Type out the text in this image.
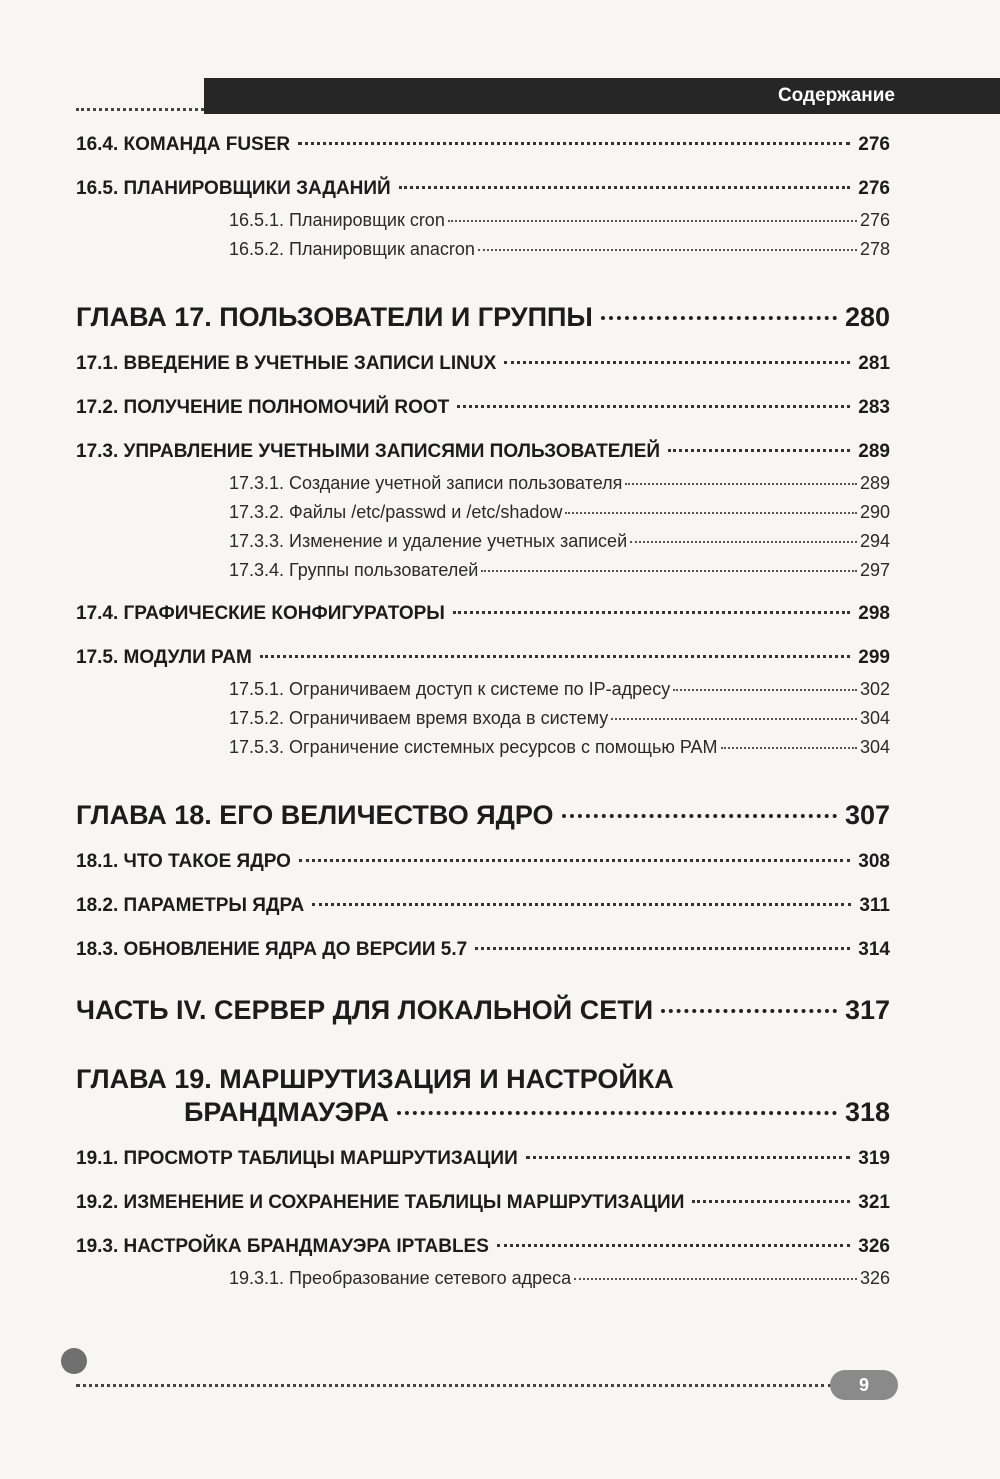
Содержание
16.4. КОМАНДА FUSER	276
16.5. ПЛАНИРОВЩИКИ ЗАДАНИЙ	276
16.5.1. Планировщик cron	276
16.5.2. Планировщик anacron	278
ГЛАВА 17. ПОЛЬЗОВАТЕЛИ И ГРУППЫ	280
17.1. ВВЕДЕНИЕ В УЧЕТНЫЕ ЗАПИСИ LINUX	281
17.2. ПОЛУЧЕНИЕ ПОЛНОМОЧИЙ ROOT	283
17.3. УПРАВЛЕНИЕ УЧЕТНЫМИ ЗАПИСЯМИ ПОЛЬЗОВАТЕЛЕЙ	289
17.3.1. Создание учетной записи пользователя	289
17.3.2. Файлы /etc/passwd и /etc/shadow	290
17.3.3. Изменение и удаление учетных записей	294
17.3.4. Группы пользователей	297
17.4. ГРАФИЧЕСКИЕ КОНФИГУРАТОРЫ	298
17.5. МОДУЛИ PAM	299
17.5.1. Ограничиваем доступ к системе по IP-адресу	302
17.5.2. Ограничиваем время входа в систему	304
17.5.3. Ограничение системных ресурсов с помощью PAM	304
ГЛАВА 18. ЕГО ВЕЛИЧЕСТВО ЯДРО	307
18.1. ЧТО ТАКОЕ ЯДРО	308
18.2. ПАРАМЕТРЫ ЯДРА	311
18.3. ОБНОВЛЕНИЕ ЯДРА ДО ВЕРСИИ 5.7	314
ЧАСТЬ IV. СЕРВЕР ДЛЯ ЛОКАЛЬНОЙ СЕТИ	317
ГЛАВА 19. МАРШРУТИЗАЦИЯ И НАСТРОЙКА
БРАНДМАУЭРА	318
19.1. ПРОСМОТР ТАБЛИЦЫ МАРШРУТИЗАЦИИ	319
19.2. ИЗМЕНЕНИЕ И СОХРАНЕНИЕ ТАБЛИЦЫ МАРШРУТИЗАЦИИ	321
19.3. НАСТРОЙКА БРАНДМАУЭРА IPTABLES	326
19.3.1. Преобразование сетевого адреса	326
9
